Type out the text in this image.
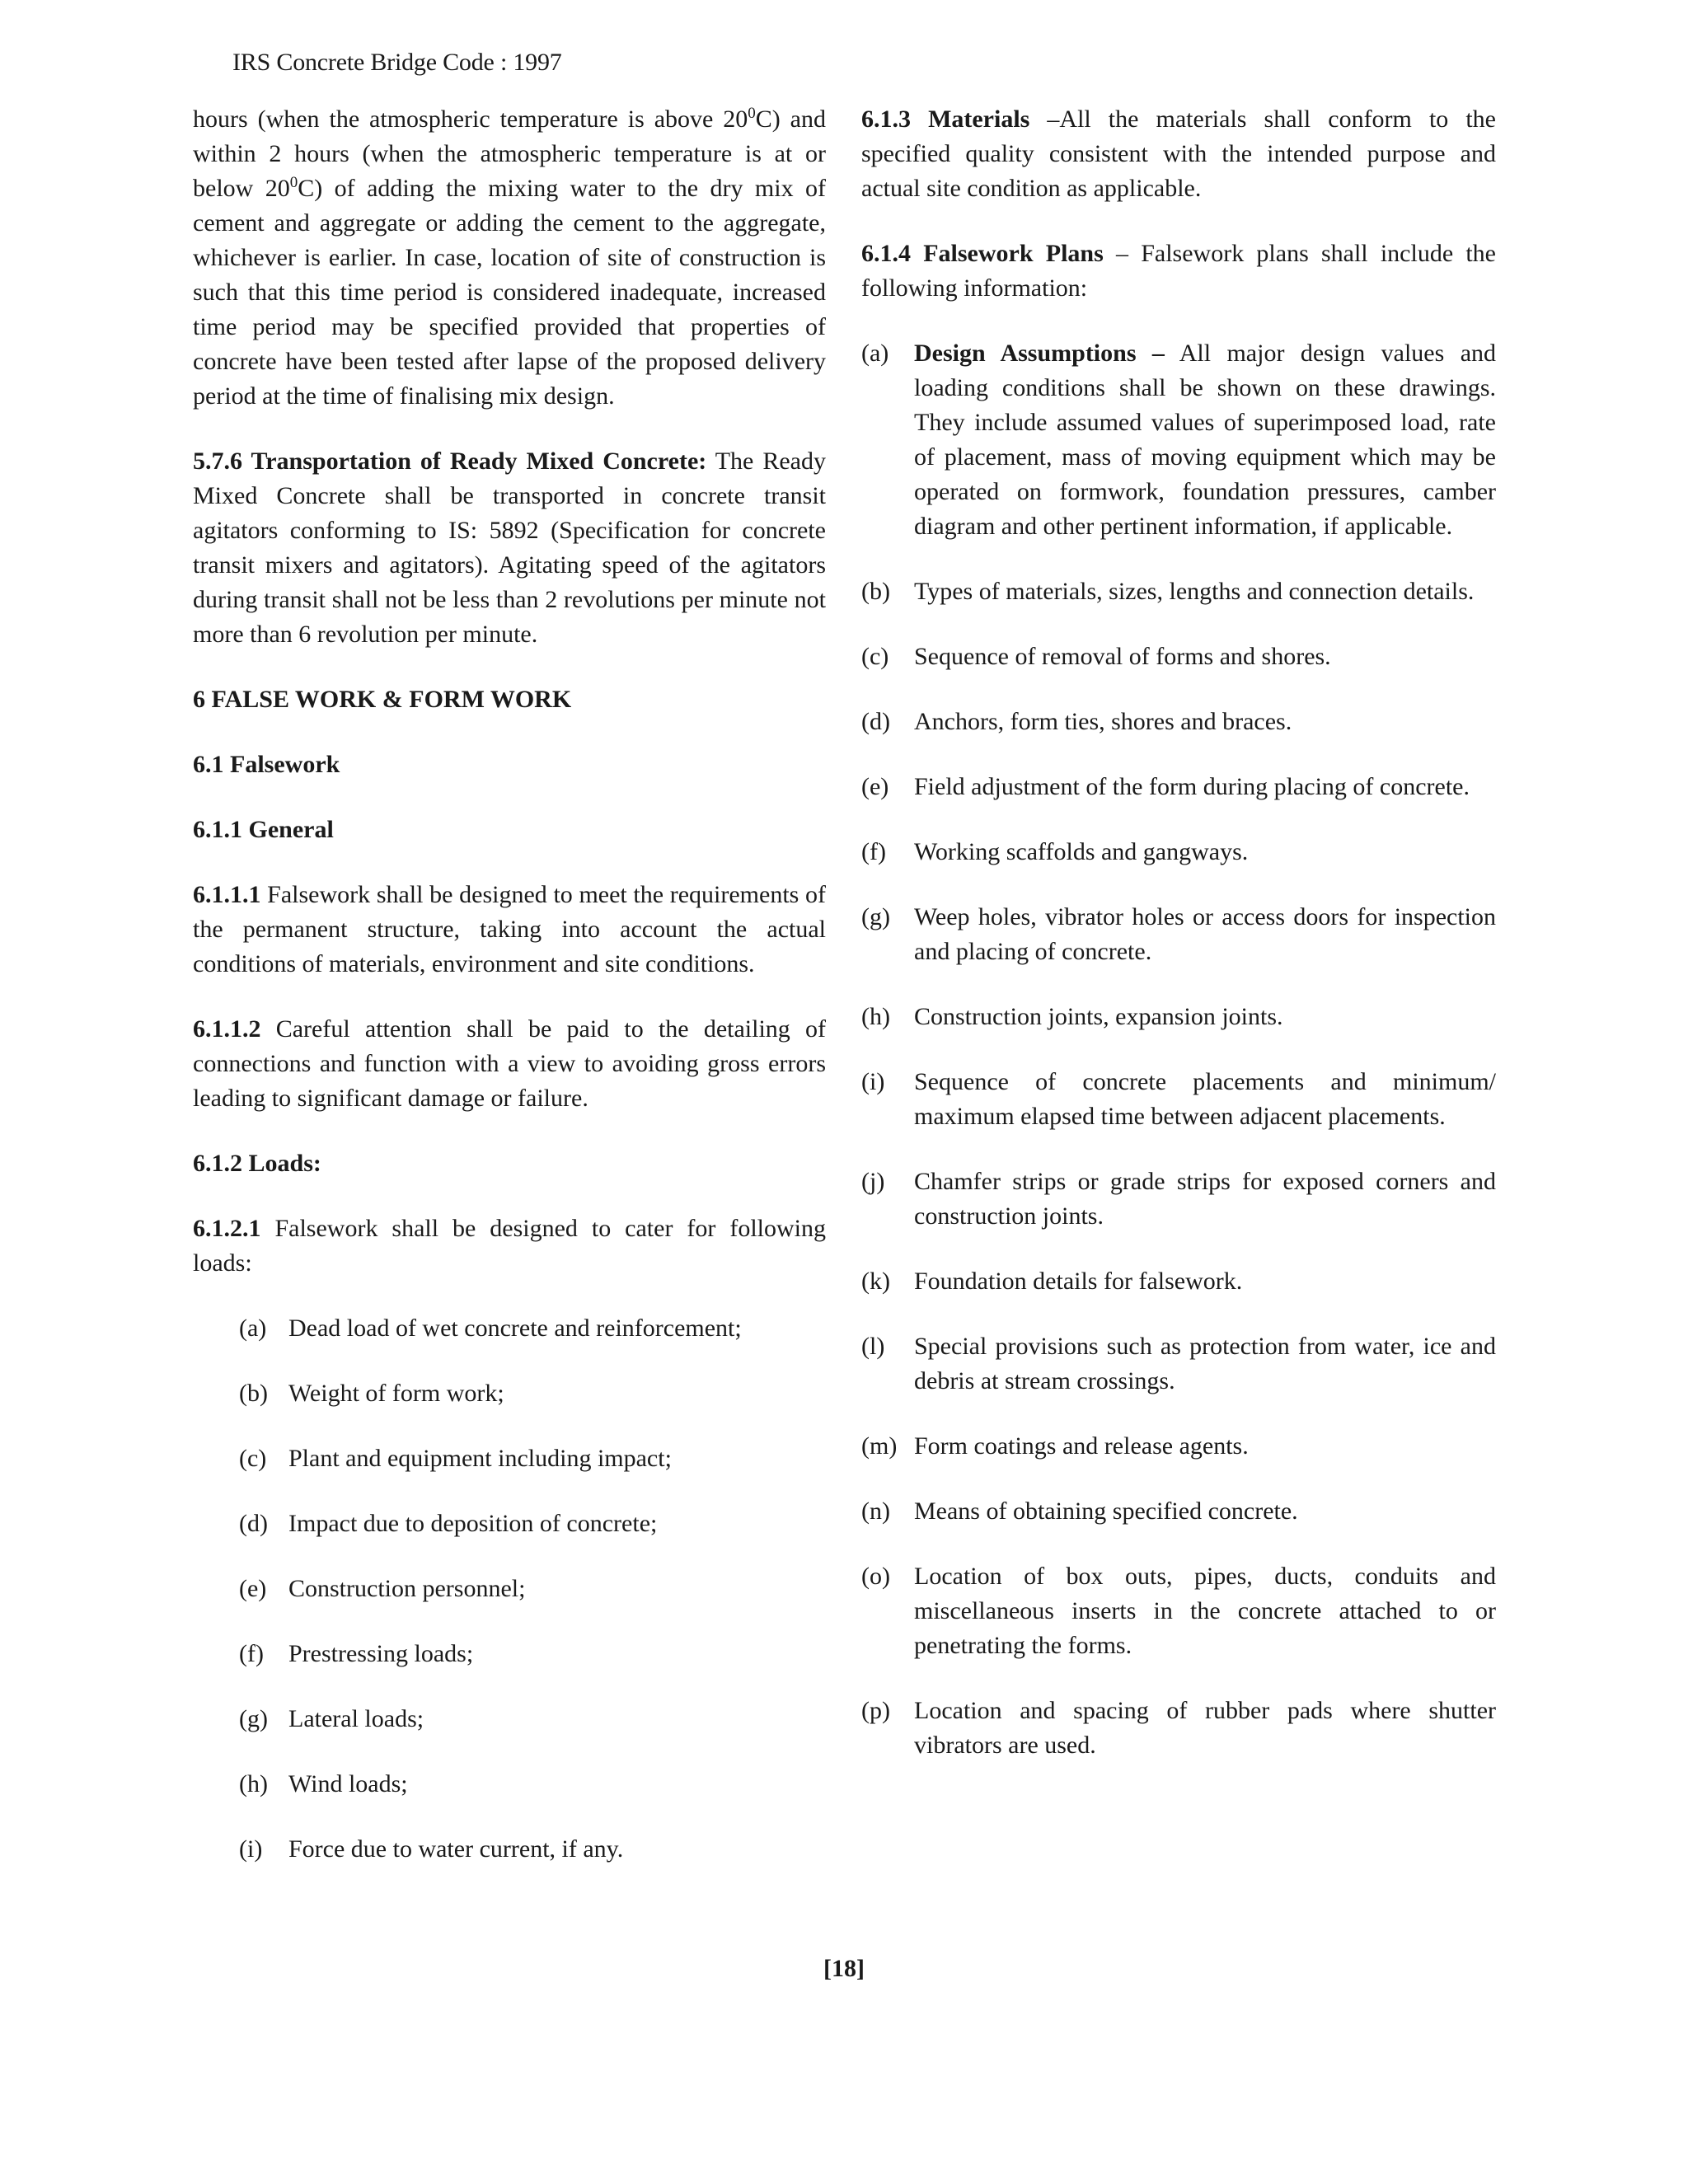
IRS Concrete Bridge Code : 1997

hours (when the atmospheric temperature is above $20^0C$) and within 2 hours (when the atmospheric temperature is at or below $20^0C$) of adding the mixing water to the dry mix of cement and aggregate or adding the cement to the aggregate, whichever is earlier. In case, location of site of construction is such that this time period is considered inadequate, increased time period may be specified provided that properties of concrete have been tested after lapse of the proposed delivery period at the time of finalising mix design.

5.7.6 Transportation of Ready Mixed Concrete: The Ready Mixed Concrete shall be transported in concrete transit agitators conforming to IS: 5892 (Specification for concrete transit mixers and agitators). Agitating speed of the agitators during transit shall not be less than 2 revolutions per minute not more than 6 revolution per minute.

6 FALSE WORK & FORM WORK
6.1 Falsework
6.1.1 General

6.1.1.1 Falsework shall be designed to meet the requirements of the permanent structure, taking into account the actual conditions of materials, environment and site conditions.

6.1.1.2 Careful attention shall be paid to the detailing of connections and function with a view to avoiding gross errors leading to significant damage or failure.

6.1.2 Loads:

6.1.2.1 Falsework shall be designed to cater for following loads:

(a) Dead load of wet concrete and reinforcement;
(b) Weight of form work;
(c) Plant and equipment including impact;
(d) Impact due to deposition of concrete;
(e) Construction personnel;
(f)	Prestressing loads;
(g) Lateral loads;
(h) Wind loads;
(i)	Force due to water current, if any.

6.1.3 Materials –All the materials shall conform to the specified quality consistent with the intended purpose and actual site condition as applicable.

6.1.4 Falsework Plans – Falsework plans shall include the following information:

(a)	Design Assumptions – All major design values and loading conditions shall be shown on these drawings. They include assumed values of superimposed load, rate of placement, mass of moving equipment which may be operated on formwork, foundation pressures, camber diagram and other pertinent information, if applicable.
(b) Types of materials, sizes, lengths and connection details.
(c)	Sequence of removal of forms and shores.
(d) Anchors, form ties, shores and braces.
(e)	Field adjustment of the form during placing of concrete.
(f)	Working scaffolds and gangways.
(g) Weep holes, vibrator holes or access doors for inspection and placing of concrete.
(h) Construction joints, expansion joints.
(i)	Sequence of concrete placements and minimum/ maximum elapsed time between adjacent placements.
(j)	Chamfer strips or grade strips for exposed corners and construction joints.
(k) Foundation details for falsework.
(l)	Special provisions such as protection from water, ice and debris at stream crossings.
(m) Form coatings and release agents.
(n) Means of obtaining specified concrete.
(o) Location of box outs, pipes, ducts, conduits and miscellaneous inserts in the concrete attached to or penetrating the forms.
(p) Location and spacing of rubber pads where shutter vibrators are used.
[18]
